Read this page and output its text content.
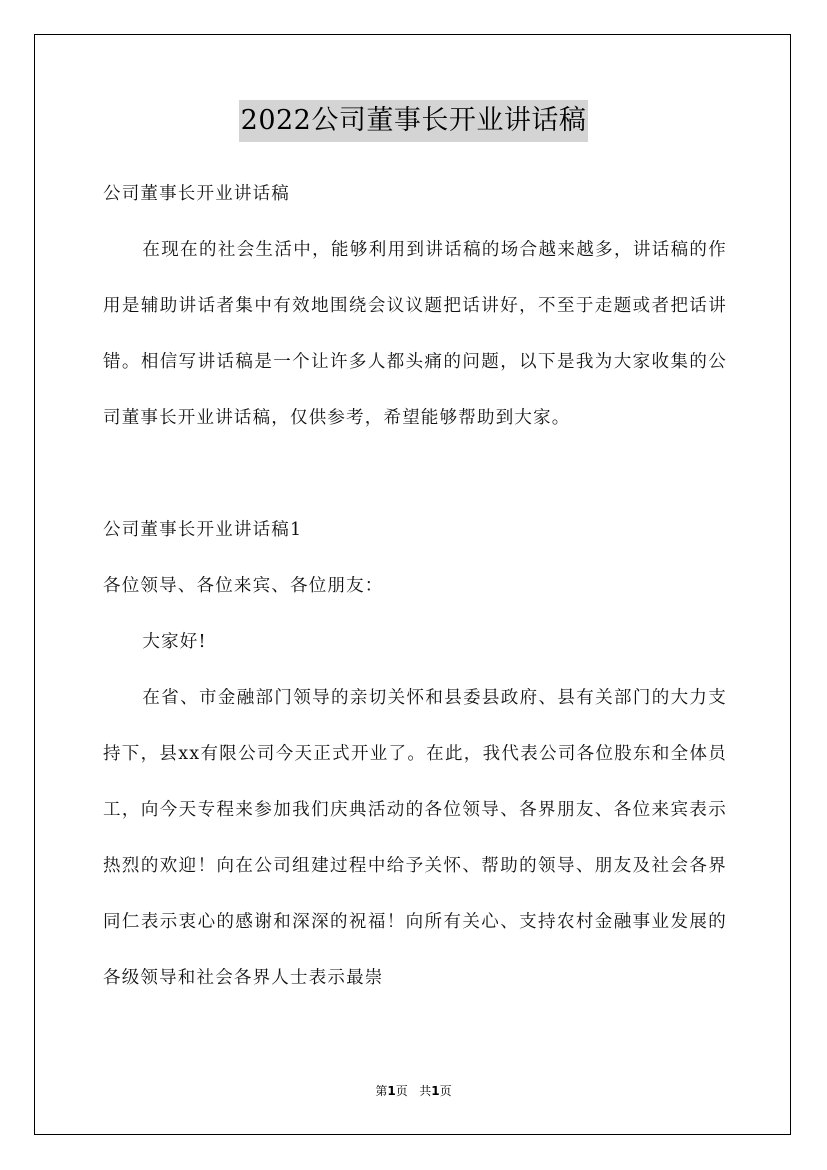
2022公司董事长开业讲话稿

公司董事长开业讲话稿

在现在的社会生活中，能够利用到讲话稿的场合越来越多，讲话稿的作用是辅助讲话者集中有效地围绕会议议题把话讲好，不至于走题或者把话讲错。相信写讲话稿是一个让许多人都头痛的问题，以下是我为大家收集的公司董事长开业讲话稿，仅供参考，希望能够帮助到大家。

公司董事长开业讲话稿1

各位领导、各位来宾、各位朋友：

大家好!

在省、市金融部门领导的亲切关怀和县委县政府、县有关部门的大力支持下，县xx有限公司今天正式开业了。在此，我代表公司各位股东和全体员工，向今天专程来参加我们庆典活动的各位领导、各界朋友、各位来宾表示热烈的欢迎！向在公司组建过程中给予关怀、帮助的领导、朋友及社会各界同仁表示衷心的感谢和深深的祝福！向所有关心、支持农村金融事业发展的各级领导和社会各界人士表示最崇

第1页 共1页
